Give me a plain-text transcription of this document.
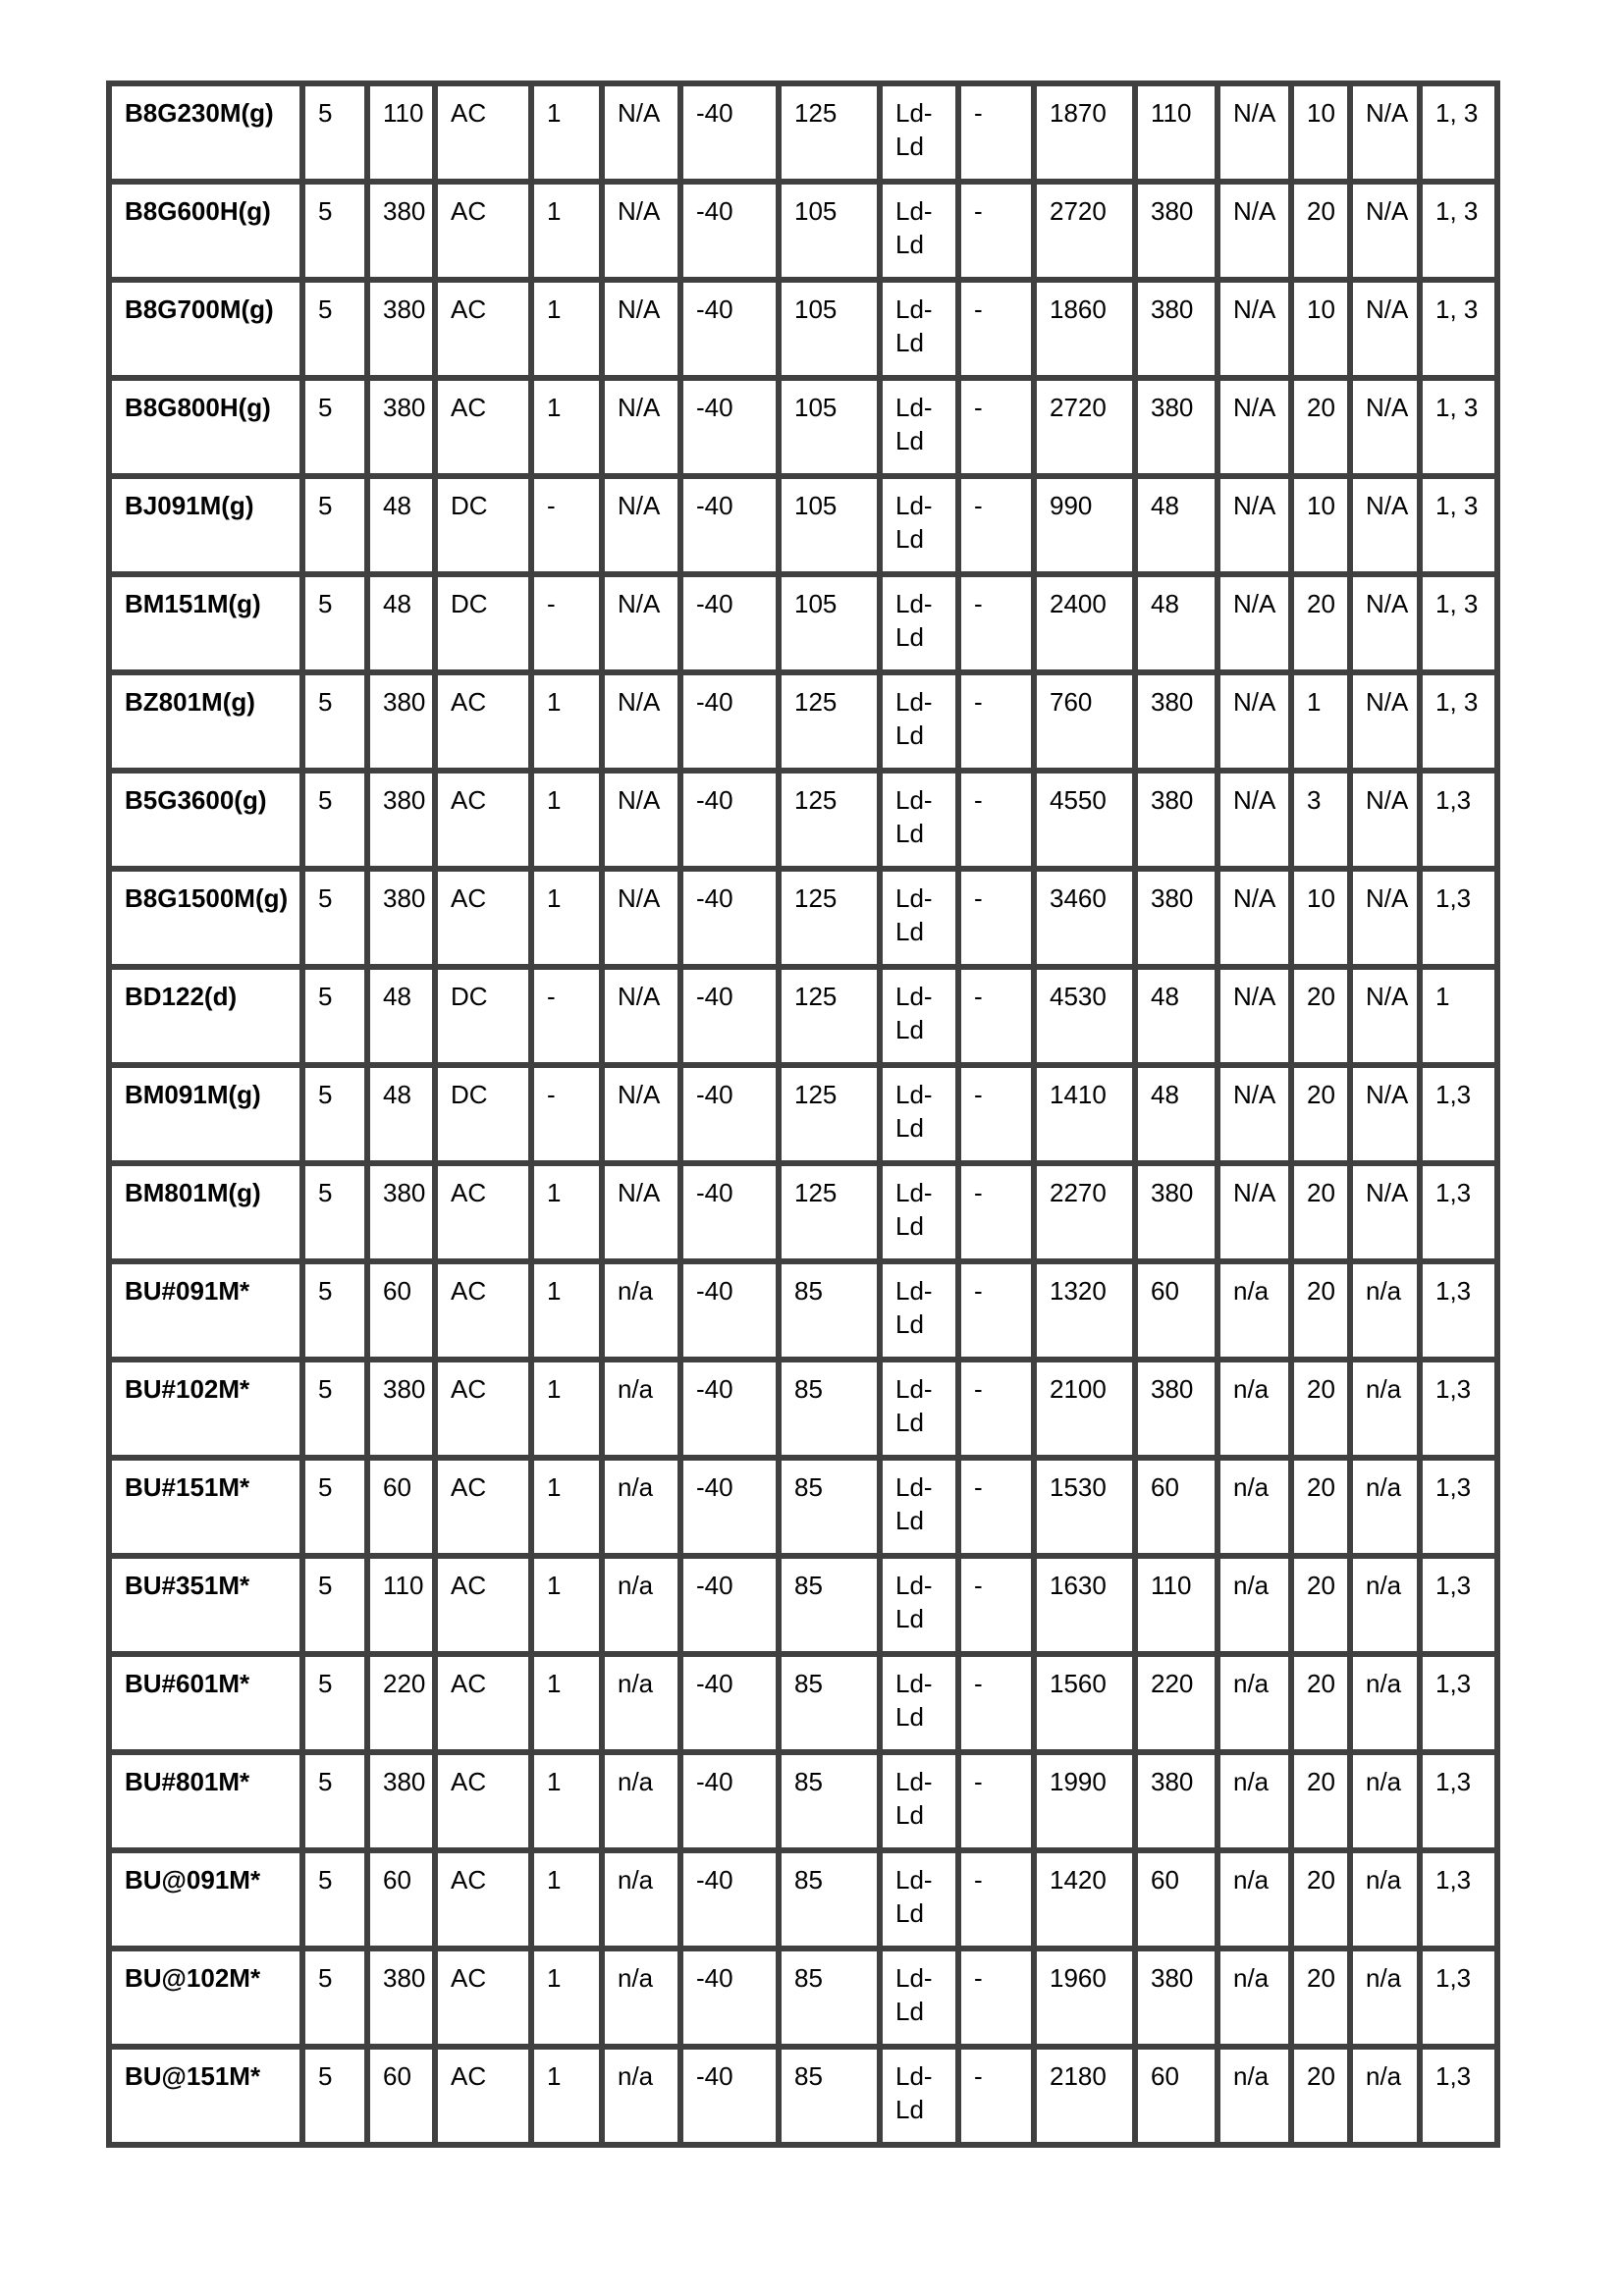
B8G230M(g)	5	110	AC	1	N/A	-40	125	Ld-Ld	-	1870	110	N/A	10	N/A	1, 3
B8G600H(g)	5	380	AC	1	N/A	-40	105	Ld-Ld	-	2720	380	N/A	20	N/A	1, 3
B8G700M(g)	5	380	AC	1	N/A	-40	105	Ld-Ld	-	1860	380	N/A	10	N/A	1, 3
B8G800H(g)	5	380	AC	1	N/A	-40	105	Ld-Ld	-	2720	380	N/A	20	N/A	1, 3
BJ091M(g)	5	48	DC	-	N/A	-40	105	Ld-Ld	-	990	48	N/A	10	N/A	1, 3
BM151M(g)	5	48	DC	-	N/A	-40	105	Ld-Ld	-	2400	48	N/A	20	N/A	1, 3
BZ801M(g)	5	380	AC	1	N/A	-40	125	Ld-Ld	-	760	380	N/A	1	N/A	1, 3
B5G3600(g)	5	380	AC	1	N/A	-40	125	Ld-Ld	-	4550	380	N/A	3	N/A	1,3
B8G1500M(g)	5	380	AC	1	N/A	-40	125	Ld-Ld	-	3460	380	N/A	10	N/A	1,3
BD122(d)	5	48	DC	-	N/A	-40	125	Ld-Ld	-	4530	48	N/A	20	N/A	1
BM091M(g)	5	48	DC	-	N/A	-40	125	Ld-Ld	-	1410	48	N/A	20	N/A	1,3
BM801M(g)	5	380	AC	1	N/A	-40	125	Ld-Ld	-	2270	380	N/A	20	N/A	1,3
BU#091M*	5	60	AC	1	n/a	-40	85	Ld-Ld	-	1320	60	n/a	20	n/a	1,3
BU#102M*	5	380	AC	1	n/a	-40	85	Ld-Ld	-	2100	380	n/a	20	n/a	1,3
BU#151M*	5	60	AC	1	n/a	-40	85	Ld-Ld	-	1530	60	n/a	20	n/a	1,3
BU#351M*	5	110	AC	1	n/a	-40	85	Ld-Ld	-	1630	110	n/a	20	n/a	1,3
BU#601M*	5	220	AC	1	n/a	-40	85	Ld-Ld	-	1560	220	n/a	20	n/a	1,3
BU#801M*	5	380	AC	1	n/a	-40	85	Ld-Ld	-	1990	380	n/a	20	n/a	1,3
BU@091M*	5	60	AC	1	n/a	-40	85	Ld-Ld	-	1420	60	n/a	20	n/a	1,3
BU@102M*	5	380	AC	1	n/a	-40	85	Ld-Ld	-	1960	380	n/a	20	n/a	1,3
BU@151M*	5	60	AC	1	n/a	-40	85	Ld-Ld	-	2180	60	n/a	20	n/a	1,3
